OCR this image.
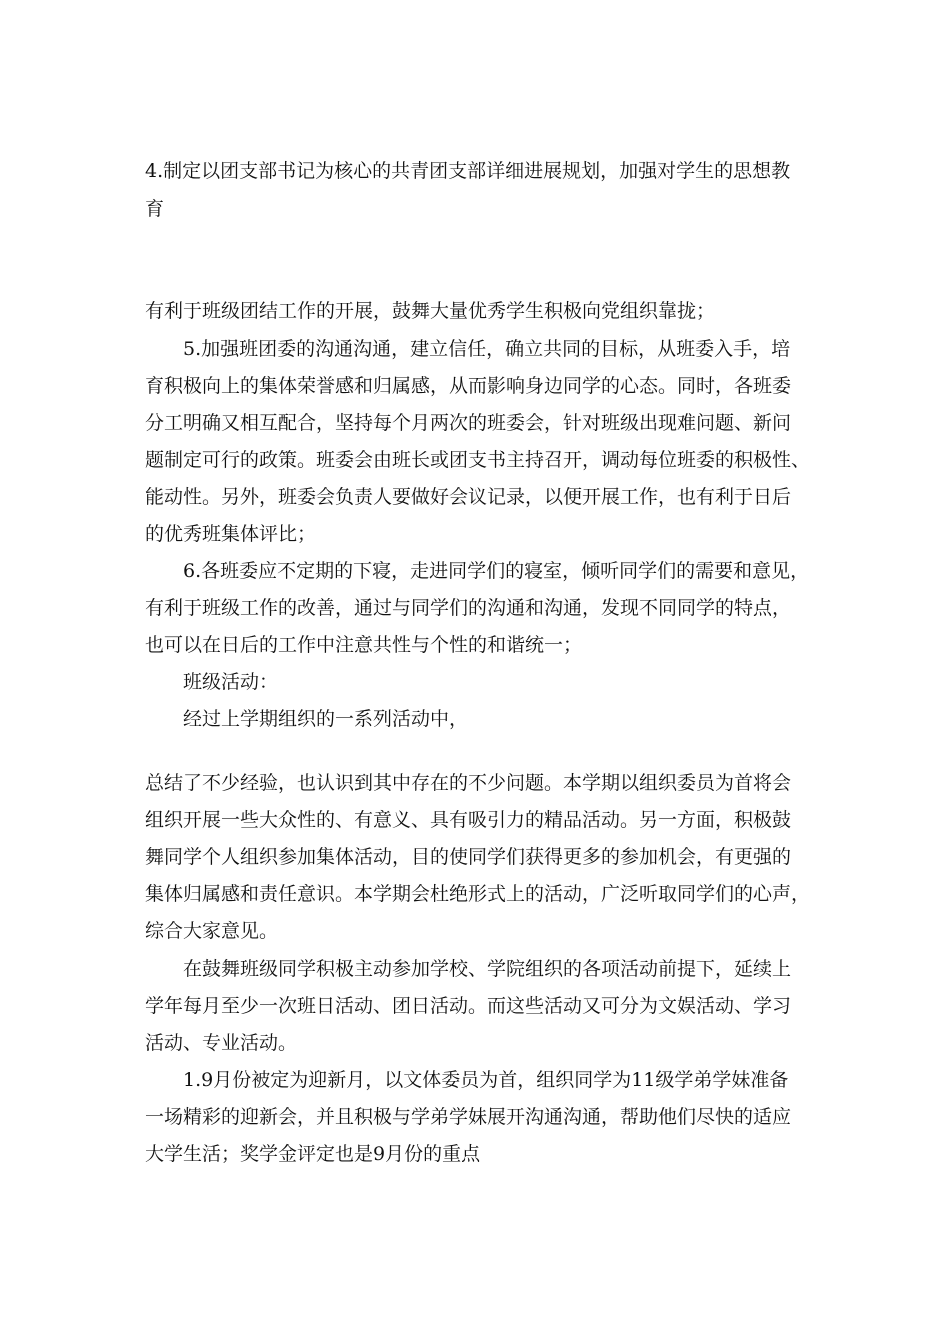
4.制定以团支部书记为核心的共青团支部详细进展规划，加强对学生的思想教
育
有利于班级团结工作的开展，鼓舞大量优秀学生积极向党组织靠拢；
5.加强班团委的沟通沟通，建立信任，确立共同的目标，从班委入手，培
育积极向上的集体荣誉感和归属感，从而影响身边同学的心态。同时，各班委
分工明确又相互配合，坚持每个月两次的班委会，针对班级出现难问题、新问
题制定可行的政策。班委会由班长或团支书主持召开，调动每位班委的积极性、
能动性。另外，班委会负责人要做好会议记录，以便开展工作，也有利于日后
的优秀班集体评比；
6.各班委应不定期的下寝，走进同学们的寝室，倾听同学们的需要和意见，
有利于班级工作的改善，通过与同学们的沟通和沟通，发现不同同学的特点，
也可以在日后的工作中注意共性与个性的和谐统一；
班级活动：
经过上学期组织的一系列活动中，
总结了不少经验，也认识到其中存在的不少问题。本学期以组织委员为首将会
组织开展一些大众性的、有意义、具有吸引力的精品活动。另一方面，积极鼓
舞同学个人组织参加集体活动，目的使同学们获得更多的参加机会，有更强的
集体归属感和责任意识。本学期会杜绝形式上的活动，广泛听取同学们的心声，
综合大家意见。
在鼓舞班级同学积极主动参加学校、学院组织的各项活动前提下，延续上
学年每月至少一次班日活动、团日活动。而这些活动又可分为文娱活动、学习
活动、专业活动。
1.9月份被定为迎新月，以文体委员为首，组织同学为11级学弟学妹准备
一场精彩的迎新会，并且积极与学弟学妹展开沟通沟通，帮助他们尽快的适应
大学生活；奖学金评定也是9月份的重点
